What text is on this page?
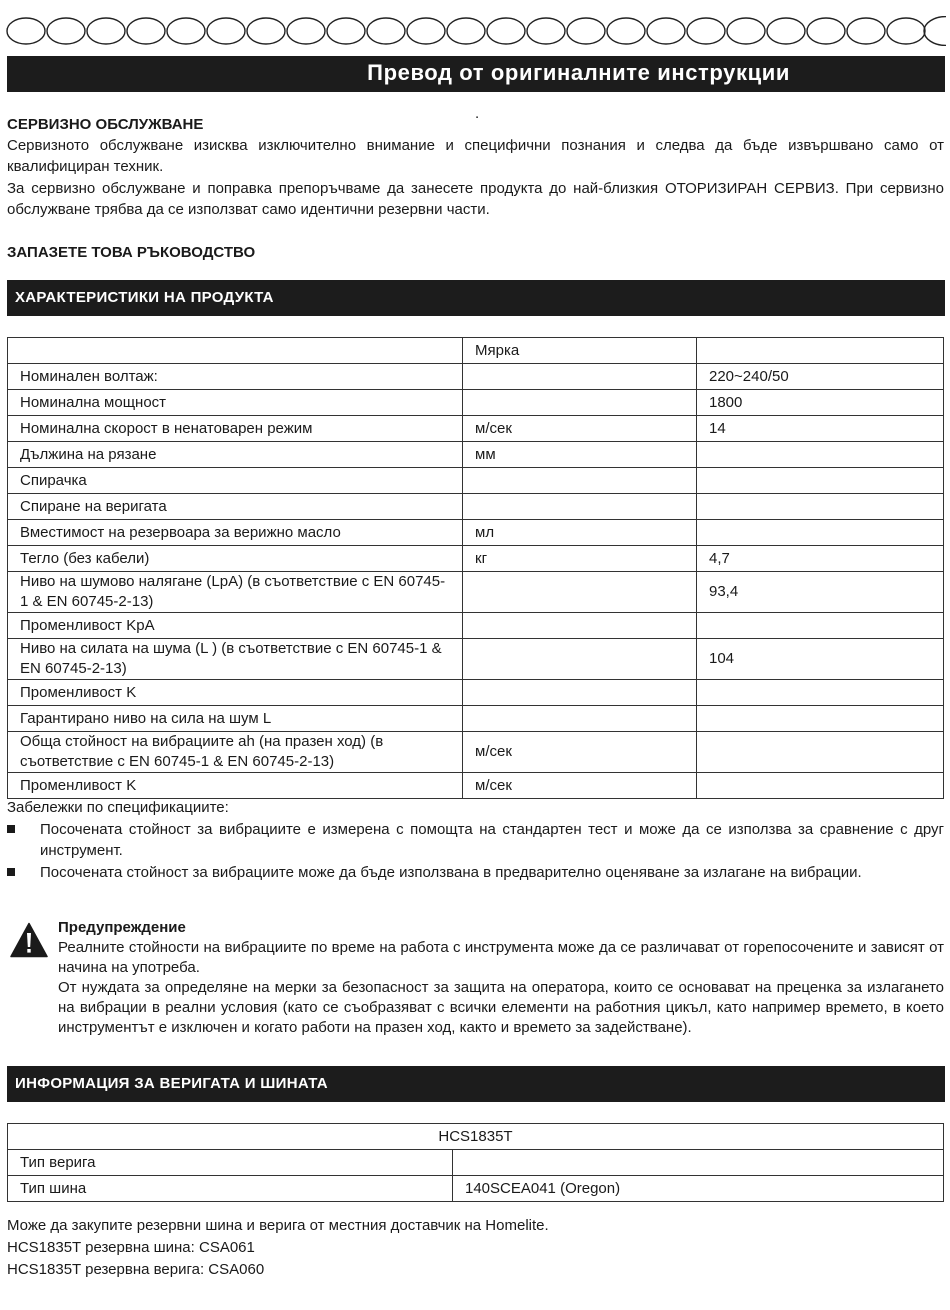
Превод от оригиналните инструкции
.
СЕРВИЗНО ОБСЛУЖВАНЕ
Сервизното обслужване изисква изключително внимание и специфични познания и следва да бъде извършвано само от квалифициран техник.
За сервизно обслужване и поправка препоръчваме да занесете продукта до най-близкия ОТОРИЗИРАН СЕРВИЗ. При сервизно обслужване трябва да се използват само идентични резервни части.
ЗАПАЗЕТЕ ТОВА РЪКОВОДСТВО
ХАРАКТЕРИСТИКИ НА ПРОДУКТА
	Мярка	
Номинален волтаж:		220~240/50
Номинална мощност		1800
Номинална скорост в ненатоварен режим	м/сек	14
Дължина на рязане	мм	
Спирачка		
Спиране на веригата		
Вместимост на резервоара за верижно масло	мл	
Тегло (без кабели)	кг	4,7
Ниво на шумово налягане (LpA) (в съответствие с EN 60745-1 & EN 60745-2-13)		93,4
Променливост KpA		
Ниво на силата на шума (L ) (в съответствие с EN 60745-1 & EN 60745-2-13)		104
Променливост K		
Гарантирано ниво на сила на шум L		
Обща стойност на вибрациите ah (на празен ход) (в съответствие с EN 60745-1 & EN 60745-2-13)	м/сек	
Променливост K	м/сек	
Забележки по спецификациите:
Посочената стойност за вибрациите е измерена с помощта на стандартен тест и може да се използва за сравнение с друг инструмент.
Посочената стойност за вибрациите може да бъде използвана в предварително оценяване за излагане на вибрации.
Предупреждение
Реалните стойности на вибрациите по време на работа с инструмента може да се различават от горепосочените и зависят от начина на употреба.
От нуждата за определяне на мерки за безопасност за защита на оператора, които се основават на преценка за излагането на вибрации в реални условия (като се съобразяват с всички елементи на работния цикъл, като например времето, в което инструментът е изключен и когато работи на празен ход, както и времето за задействане).
ИНФОРМАЦИЯ ЗА ВЕРИГАТА И ШИНАТА
HCS1835T	
Тип верига	
Тип шина	140SCEA041 (Oregon)
Може да закупите резервни шина и верига от местния доставчик на Homelite.
HCS1835T резервна шина: CSA061
HCS1835T резервна верига: CSA060
